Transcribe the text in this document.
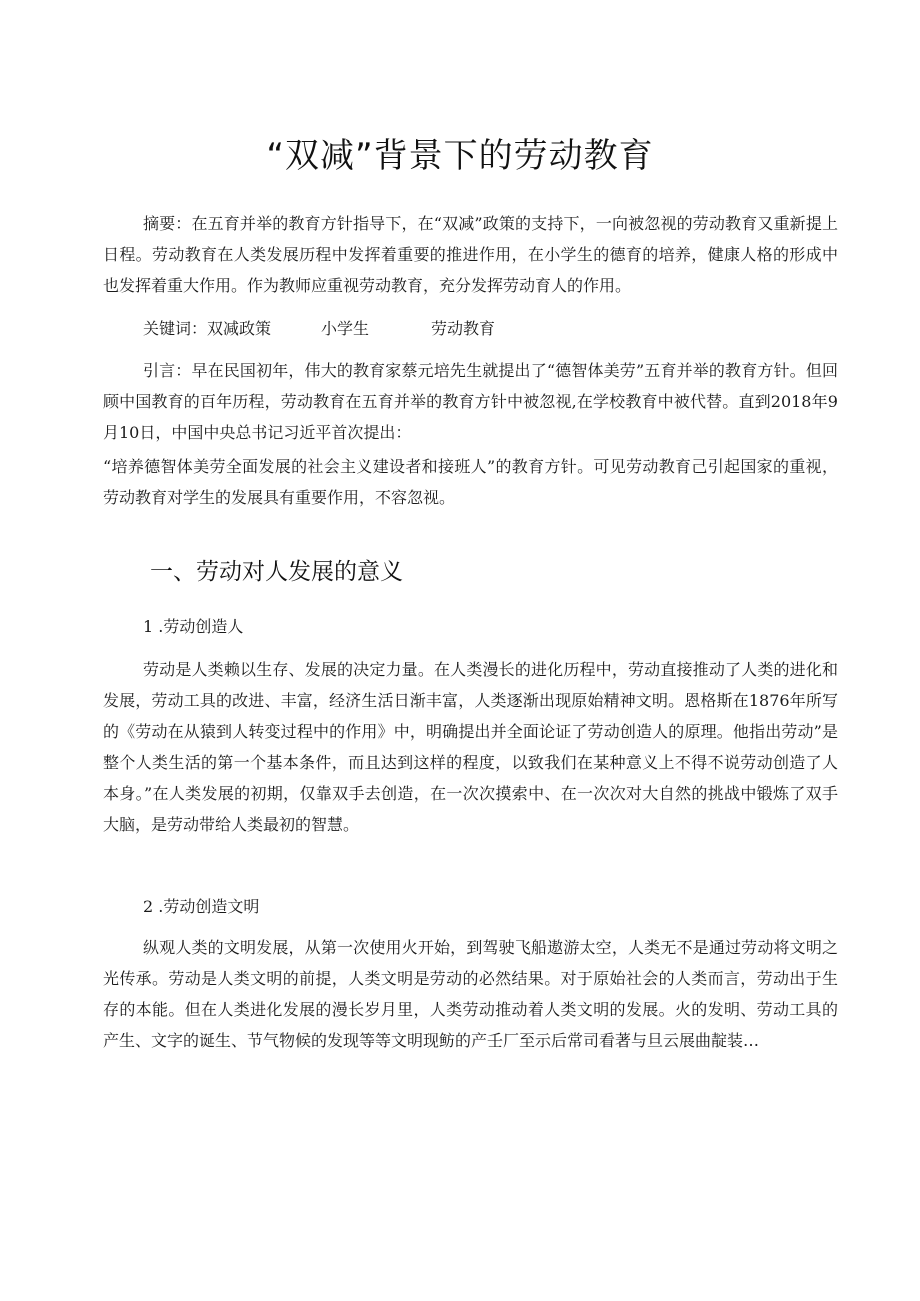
“双减”背景下的劳动教育

摘要：在五育并举的教育方针指导下，在“双减”政策的支持下，一向被忽视的劳动教育又重新提上日程。劳动教育在人类发展历程中发挥着重要的推进作用，在小学生的德育的培养，健康人格的形成中也发挥着重大作用。作为教师应重视劳动教育，充分发挥劳动育人的作用。

关键词：双减政策	小学生	劳动教育

引言：早在民国初年，伟大的教育家蔡元培先生就提出了“德智体美劳”五育并举的教育方针。但回顾中国教育的百年历程，劳动教育在五育并举的教育方针中被忽视,在学校教育中被代替。直到2018年9月10日，中国中央总书记习近平首次提出：

“培养德智体美劳全面发展的社会主义建设者和接班人”的教育方针。可见劳动教育己引起国家的重视，劳动教育对学生的发展具有重要作用，不容忽视。

一、劳动对人发展的意义
1 .劳动创造人

劳动是人类赖以生存、发展的决定力量。在人类漫长的进化历程中，劳动直接推动了人类的进化和发展，劳动工具的改进、丰富，经济生活日渐丰富，人类逐渐出现原始精神文明。恩格斯在1876年所写的《劳动在从猿到人转变过程中的作用》中，明确提出并全面论证了劳动创造人的原理。他指出劳动”是整个人类生活的第一个基本条件，而且达到这样的程度，以致我们在某种意义上不得不说劳动创造了人本身。”在人类发展的初期，仅靠双手去创造，在一次次摸索中、在一次次对大自然的挑战中锻炼了双手大脑，是劳动带给人类最初的智慧。

2 .劳动创造文明

纵观人类的文明发展，从第一次使用火开始，到驾驶飞船遨游太空，人类无不是通过劳动将文明之光传承。劳动是人类文明的前提，人类文明是劳动的必然结果。对于原始社会的人类而言，劳动出于生存的本能。但在人类进化发展的漫长岁月里，人类劳动推动着人类文明的发展。火的发明、劳动工具的产生、文字的诞生、节气物候的发现等等文明现鲂的产壬厂至示后常司看著与旦云展曲靛装…
